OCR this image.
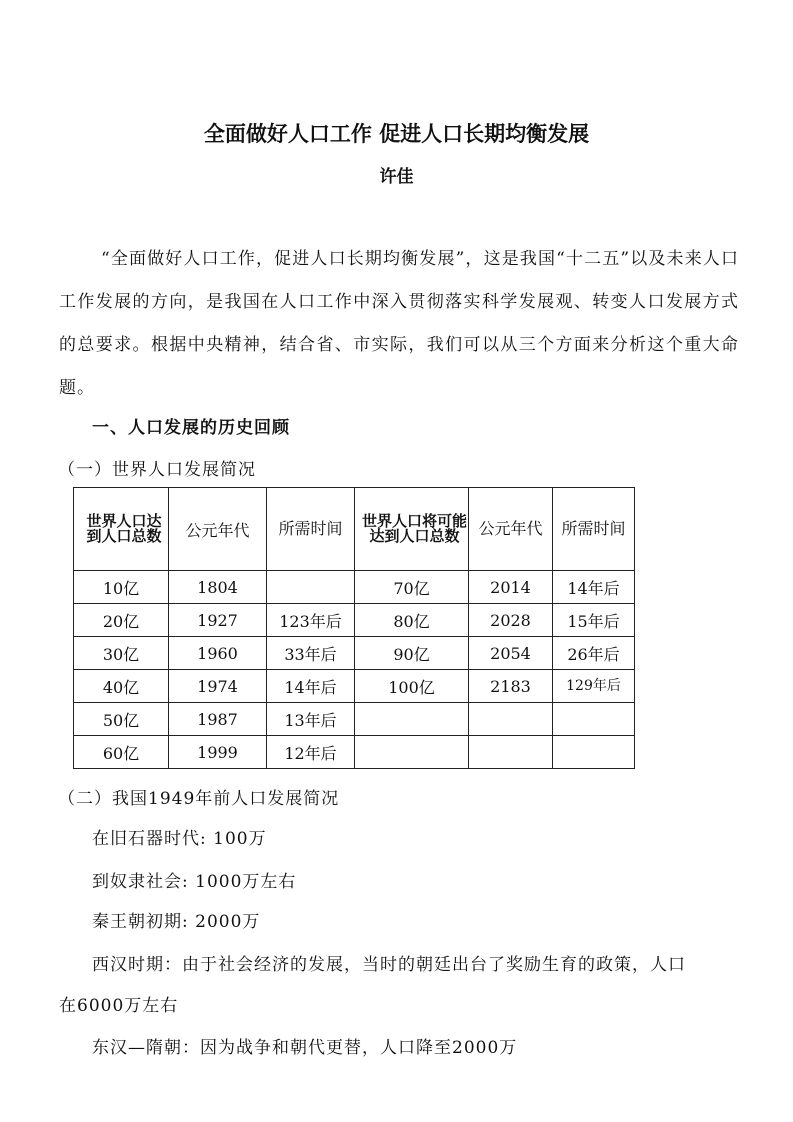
全面做好人口工作 促进人口长期均衡发展
许佳
“全面做好人口工作，促进人口长期均衡发展”，这是我国“十二五”以及未来人口工作发展的方向，是我国在人口工作中深入贯彻落实科学发展观、转变人口发展方式的总要求。根据中央精神，结合省、市实际，我们可以从三个方面来分析这个重大命题。
一、人口发展的历史回顾
（一）世界人口发展简况
世界人口达到人口总数	公元年代	所需时间	世界人口将可能达到人口总数	公元年代	所需时间
10亿	1804		70亿	2014	14年后
20亿	1927	123年后	80亿	2028	15年后
30亿	1960	33年后	90亿	2054	26年后
40亿	1974	14年后	100亿	2183	129年后
50亿	1987	13年后			
60亿	1999	12年后			
（二）我国1949年前人口发展简况
在旧石器时代: 100万
到奴隶社会: 1000万左右
秦王朝初期: 2000万
西汉时期：由于社会经济的发展，当时的朝廷出台了奖励生育的政策，人口
在6000万左右
东汉—隋朝：因为战争和朝代更替，人口降至2000万
